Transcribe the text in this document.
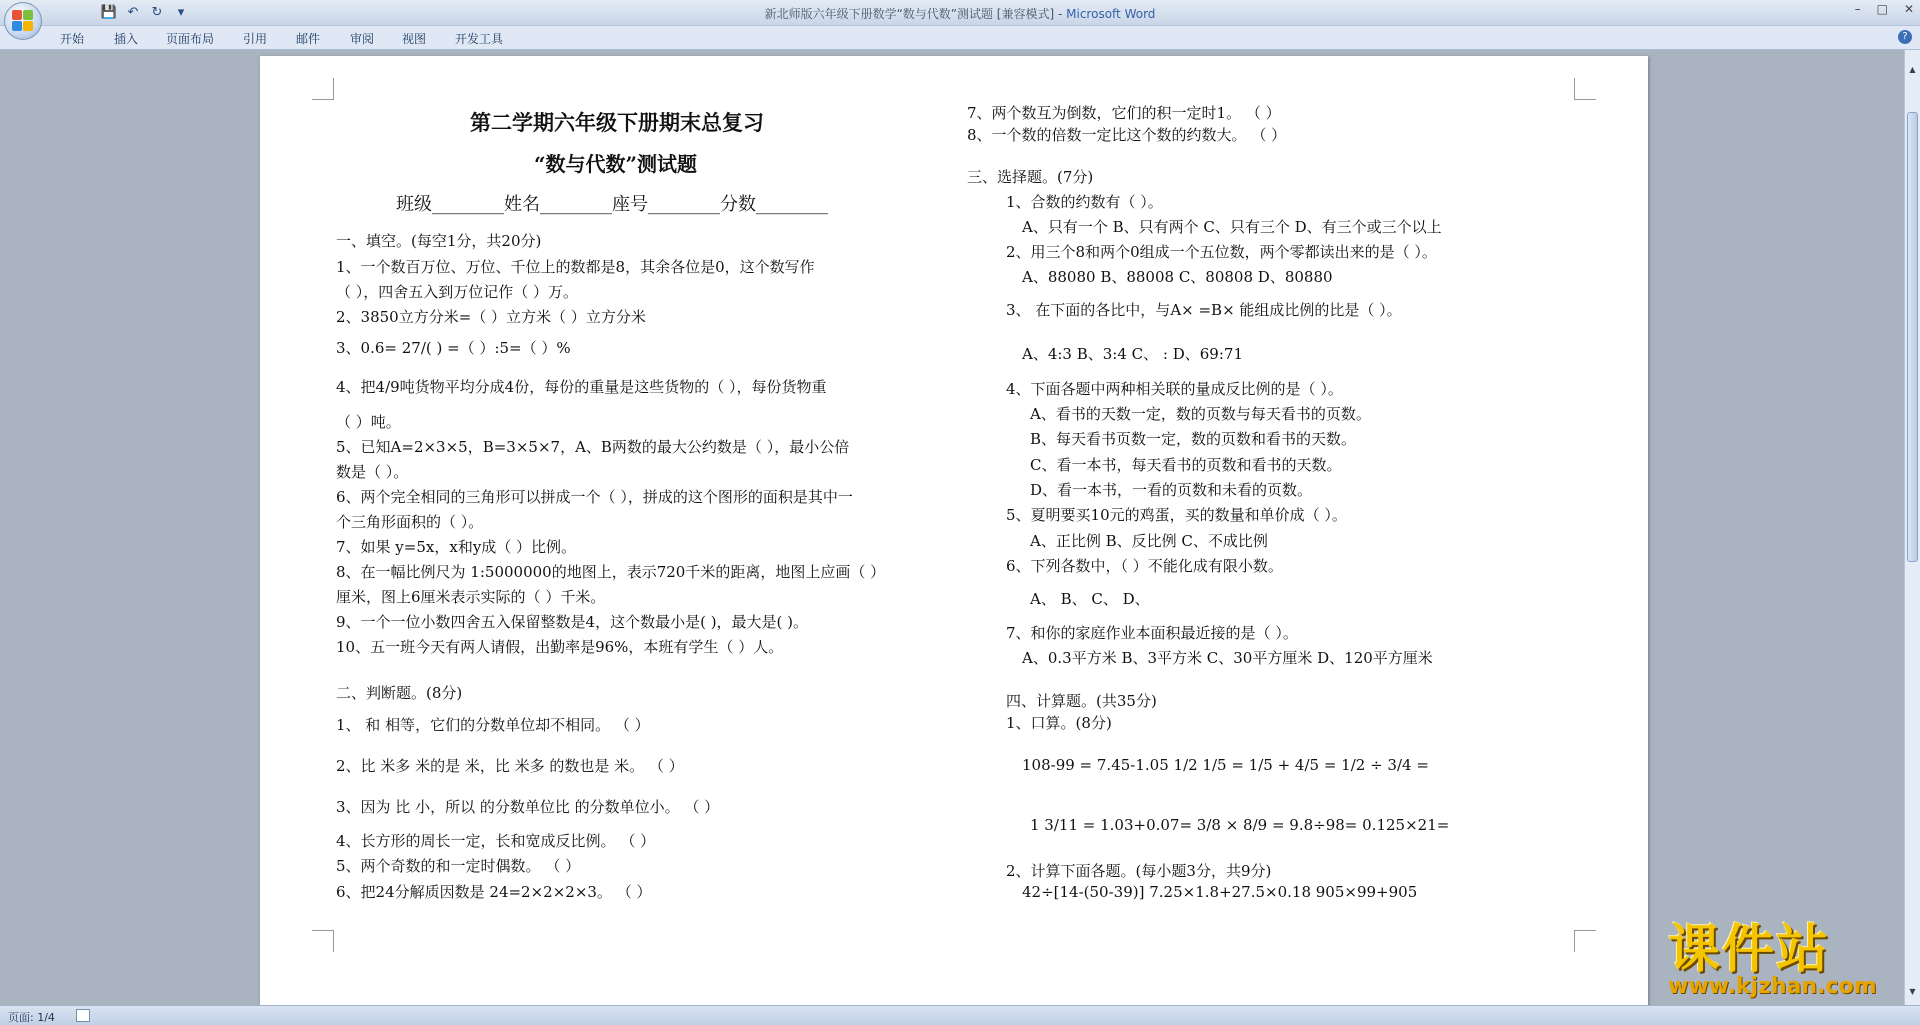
💾 ↶ ↻	▾	新北师版六年级下册数学“数与代数”测试题 [兼容模式] - Microsoft Word	– □ ✕
开始 插入 页面布局 引用 邮件 审阅 视图 开发工具	?
第二学期六年级下册期末总复习
“数与代数”测试题
班级________姓名________座号________分数________
一、填空。(每空1分，共20分)
1、一个数百万位、万位、千位上的数都是8，其余各位是0，这个数写作
（ ），四舍五入到万位记作（ ）万。
2、3850立方分米=（ ）立方米（ ）立方分米
3、0.6= 27/( ) =（ ）:5=（ ）%
4、把4/9吨货物平均分成4份，每份的重量是这些货物的（ ），每份货物重
（ ）吨。
5、已知A=2×3×5，B=3×5×7，A、B两数的最大公约数是（ ），最小公倍
数是（ ）。
6、两个完全相同的三角形可以拼成一个（ ），拼成的这个图形的面积是其中一
个三角形面积的（ ）。
7、如果 y=5x，x和y成（ ）比例。
8、在一幅比例尺为 1:5000000的地图上，表示720千米的距离，地图上应画（ ）
厘米，图上6厘米表示实际的（ ）千米。
9、一个一位小数四舍五入保留整数是4，这个数最小是( )，最大是( )。
10、五一班今天有两人请假，出勤率是96%，本班有学生（ ）人。
二、判断题。(8分)
1、 和 相等，它们的分数单位却不相同。 （ ）
2、比 米多 米的是 米，比 米多 的数也是 米。 （ ）
3、因为 比 小，所以 的分数单位比 的分数单位小。 （ ）
4、长方形的周长一定，长和宽成反比例。 （ ）
5、两个奇数的和一定时偶数。 （ ）
6、把24分解质因数是 24=2×2×2×3。 （ ）
7、两个数互为倒数，它们的积一定时1。 （ ）
8、一个数的倍数一定比这个数的约数大。 （ ）
三、选择题。(7分)
1、合数的约数有（ ）。
A、只有一个 B、只有两个 C、只有三个 D、有三个或三个以上
2、用三个8和两个0组成一个五位数，两个零都读出来的是（ ）。
A、88080 B、88008 C、80808 D、80880
3、 在下面的各比中，与A× =B× 能组成比例的比是（ ）。
A、4:3 B、3:4 C、 : D、69:71
4、下面各题中两种相关联的量成反比例的是（ ）。
A、看书的天数一定，数的页数与每天看书的页数。
B、每天看书页数一定，数的页数和看书的天数。
C、看一本书，每天看书的页数和看书的天数。
D、看一本书，一看的页数和未看的页数。
5、夏明要买10元的鸡蛋，买的数量和单价成（ ）。
A、正比例 B、反比例 C、不成比例
6、下列各数中，（ ）不能化成有限小数。
A、 B、 C、 D、
7、和你的家庭作业本面积最近接的是（ ）。
A、0.3平方米 B、3平方米 C、30平方厘米 D、120平方厘米
四、计算题。(共35分)
1、口算。(8分)
108-99 = 7.45-1.05 1/2 1/5 = 1/5 + 4/5 = 1/2 ÷ 3/4 =
1 3/11 = 1.03+0.07= 3/8 × 8/9 = 9.8÷98= 0.125×21=
2、计算下面各题。(每小题3分，共9分)
42÷[14-(50-39)] 7.25×1.8+27.5×0.18 905×99+905
▲
▼
课件站
www.kjzhan.com
页面: 1/4
